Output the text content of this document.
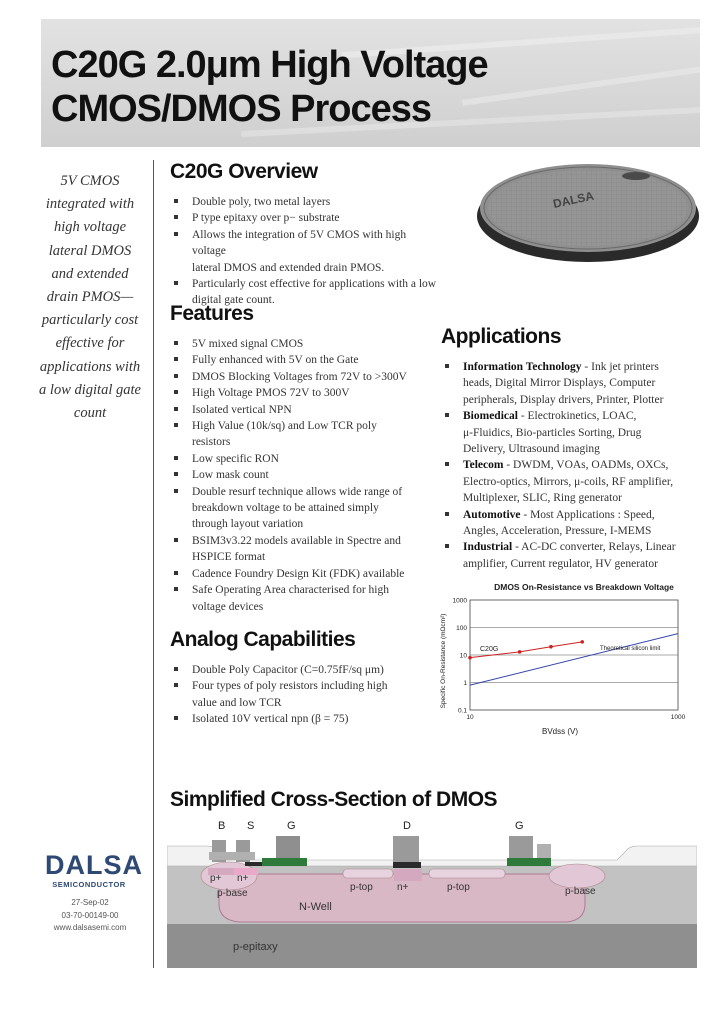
C20G 2.0μm High Voltage
CMOS/DMOS Process
5V CMOS integrated with high voltage lateral DMOS and extended drain PMOS— particularly cost effective for applications with a low digital gate count
DALSA
C20G Overview
Double poly, two metal layers
P type epitaxy over p− substrate
Allows the integration of 5V CMOS with high voltage
lateral DMOS and extended drain PMOS.
Particularly cost effective for applications with a low
digital gate count.
Features
5V mixed signal CMOS
Fully enhanced with 5V on the Gate
DMOS Blocking Voltages from 72V to >300V
High Voltage PMOS 72V to 300V
Isolated vertical NPN
High Value (10k/sq) and Low TCR poly
resistors
Low specific RON
Low mask count
Double resurf technique allows wide range of
breakdown voltage to be attained simply
through layout variation
BSIM3v3.22 models available in Spectre and
HSPICE format
Cadence Foundry Design Kit (FDK) available
Safe Operating Area characterised for high
voltage devices
Analog Capabilities
Double Poly Capacitor (C=0.75fF/sq μm)
Four types of poly resistors including high
value and low TCR
Isolated 10V vertical npn (β = 75)
Applications
Information Technology - Ink jet printers
heads, Digital Mirror Displays, Computer
peripherals, Display drivers, Printer, Plotter
Biomedical - Electrokinetics, LOAC,
μ-Fluidics, Bio-particles Sorting, Drug
Delivery, Ultrasound imaging
Telecom - DWDM, VOAs, OADMs, OXCs,
Electro-optics, Mirrors, μ-coils, RF amplifier,
Multiplexer, SLIC, Ring generator
Automotive - Most Applications : Speed,
Angles, Acceleration, Pressure, I-MEMS
Industrial - AC-DC converter, Relays, Linear
amplifier, Current regulator, HV generator
DMOS On-Resistance vs Breakdown Voltage
BVdss (V)
Specific On-Resistance (mΩcm²)
0.1
1
10
100
1000
10	1000
C20G	Theoretical silicon limit
Simplified Cross-Section of DMOS
p+ n+
p-base
N-Well
p-top n+	p-top	p-base
p-epitaxy
B S	G	D	G
DALSA
SEMICONDUCTOR
27-Sep-02
03-70-00149-00
www.dalsasemi.com
